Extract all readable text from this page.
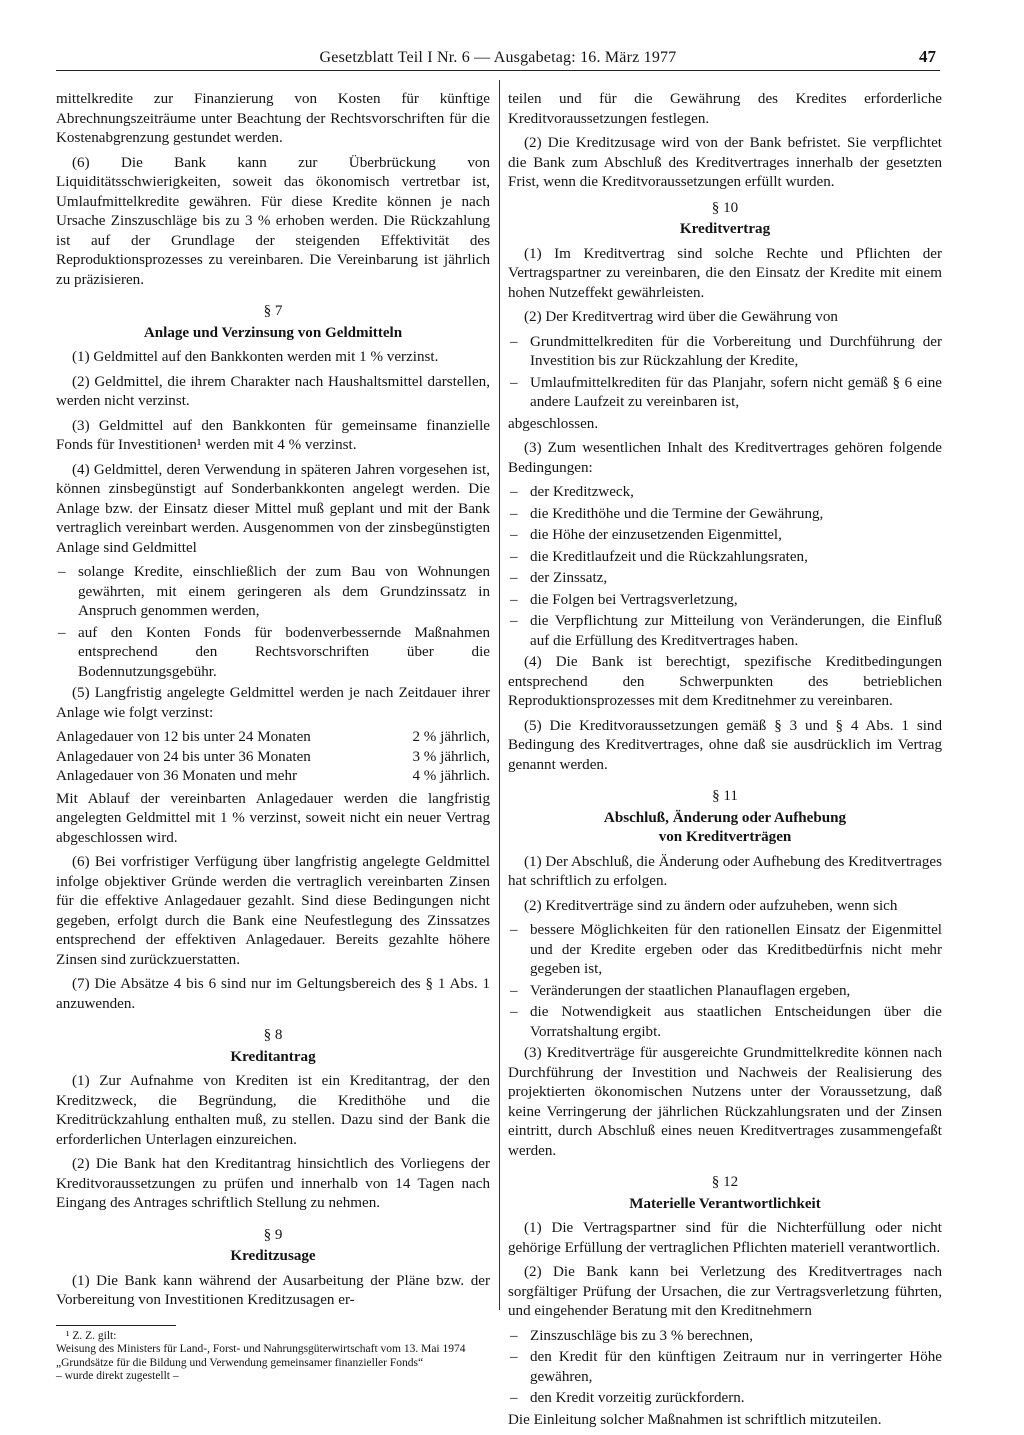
Gesetzblatt Teil I Nr. 6 — Ausgabetag: 16. März 1977	47

mittelkredite zur Finanzierung von Kosten für künftige Abrechnungszeiträume unter Beachtung der Rechtsvorschriften für die Kostenabgrenzung gestundet werden.

(6) Die Bank kann zur Überbrückung von Liquiditätsschwierigkeiten, soweit das ökonomisch vertretbar ist, Umlaufmittelkredite gewähren. Für diese Kredite können je nach Ursache Zinszuschläge bis zu 3 % erhoben werden. Die Rückzahlung ist auf der Grundlage der steigenden Effektivität des Reproduktionsprozesses zu vereinbaren. Die Vereinbarung ist jährlich zu präzisieren.

§ 7
Anlage und Verzinsung von Geldmitteln

(1) Geldmittel auf den Bankkonten werden mit 1 % verzinst.

(2) Geldmittel, die ihrem Charakter nach Haushaltsmittel darstellen, werden nicht verzinst.

(3) Geldmittel auf den Bankkonten für gemeinsame finanzielle Fonds für Investitionen¹ werden mit 4 % verzinst.

(4) Geldmittel, deren Verwendung in späteren Jahren vorgesehen ist, können zinsbegünstigt auf Sonderbankkonten angelegt werden. Die Anlage bzw. der Einsatz dieser Mittel muß geplant und mit der Bank vertraglich vereinbart werden. Ausgenommen von der zinsbegünstigten Anlage sind Geldmittel

– solange Kredite, einschließlich der zum Bau von Wohnungen gewährten, mit einem geringeren als dem Grundzinssatz in Anspruch genommen werden,
– auf den Konten Fonds für bodenverbessernde Maßnahmen entsprechend den Rechtsvorschriften über die Bodennutzungsgebühr.

(5) Langfristig angelegte Geldmittel werden je nach Zeitdauer ihrer Anlage wie folgt verzinst:

Anlagedauer von 12 bis unter 24 Monaten	2 % jährlich,
Anlagedauer von 24 bis unter 36 Monaten	3 % jährlich,
Anlagedauer von 36 Monaten und mehr	4 % jährlich.

Mit Ablauf der vereinbarten Anlagedauer werden die langfristig angelegten Geldmittel mit 1 % verzinst, soweit nicht ein neuer Vertrag abgeschlossen wird.

(6) Bei vorfristiger Verfügung über langfristig angelegte Geldmittel infolge objektiver Gründe werden die vertraglich vereinbarten Zinsen für die effektive Anlagedauer gezahlt. Sind diese Bedingungen nicht gegeben, erfolgt durch die Bank eine Neufestlegung des Zinssatzes entsprechend der effektiven Anlagedauer. Bereits gezahlte höhere Zinsen sind zurückzuerstatten.

(7) Die Absätze 4 bis 6 sind nur im Geltungsbereich des § 1 Abs. 1 anzuwenden.

§ 8
Kreditantrag

(1) Zur Aufnahme von Krediten ist ein Kreditantrag, der den Kreditzweck, die Begründung, die Kredithöhe und die Kreditrückzahlung enthalten muß, zu stellen. Dazu sind der Bank die erforderlichen Unterlagen einzureichen.

(2) Die Bank hat den Kreditantrag hinsichtlich des Vorliegens der Kreditvoraussetzungen zu prüfen und innerhalb von 14 Tagen nach Eingang des Antrages schriftlich Stellung zu nehmen.

§ 9
Kreditzusage

(1) Die Bank kann während der Ausarbeitung der Pläne bzw. der Vorbereitung von Investitionen Kreditzusagen er-

¹ Z. Z. gilt:
Weisung des Ministers für Land-, Forst- und Nahrungsgüterwirtschaft vom 13. Mai 1974
„Grundsätze für die Bildung und Verwendung gemeinsamer finanzieller Fonds“
– wurde direkt zugestellt –

teilen und für die Gewährung des Kredites erforderliche Kreditvoraussetzungen festlegen.

(2) Die Kreditzusage wird von der Bank befristet. Sie verpflichtet die Bank zum Abschluß des Kreditvertrages innerhalb der gesetzten Frist, wenn die Kreditvoraussetzungen erfüllt wurden.

§ 10
Kreditvertrag

(1) Im Kreditvertrag sind solche Rechte und Pflichten der Vertragspartner zu vereinbaren, die den Einsatz der Kredite mit einem hohen Nutzeffekt gewährleisten.

(2) Der Kreditvertrag wird über die Gewährung von

– Grundmittelkrediten für die Vorbereitung und Durchführung der Investition bis zur Rückzahlung der Kredite,
– Umlaufmittelkrediten für das Planjahr, sofern nicht gemäß § 6 eine andere Laufzeit zu vereinbaren ist,

abgeschlossen.

(3) Zum wesentlichen Inhalt des Kreditvertrages gehören folgende Bedingungen:

– der Kreditzweck,
– die Kredithöhe und die Termine der Gewährung,
– die Höhe der einzusetzenden Eigenmittel,
– die Kreditlaufzeit und die Rückzahlungsraten,
– der Zinssatz,
– die Folgen bei Vertragsverletzung,
– die Verpflichtung zur Mitteilung von Veränderungen, die Einfluß auf die Erfüllung des Kreditvertrages haben.

(4) Die Bank ist berechtigt, spezifische Kreditbedingungen entsprechend den Schwerpunkten des betrieblichen Reproduktionsprozesses mit dem Kreditnehmer zu vereinbaren.

(5) Die Kreditvoraussetzungen gemäß § 3 und § 4 Abs. 1 sind Bedingung des Kreditvertrages, ohne daß sie ausdrücklich im Vertrag genannt werden.

§ 11
Abschluß, Änderung oder Aufhebung
von Kreditverträgen

(1) Der Abschluß, die Änderung oder Aufhebung des Kreditvertrages hat schriftlich zu erfolgen.

(2) Kreditverträge sind zu ändern oder aufzuheben, wenn sich

– bessere Möglichkeiten für den rationellen Einsatz der Eigenmittel und der Kredite ergeben oder das Kreditbedürfnis nicht mehr gegeben ist,
– Veränderungen der staatlichen Planauflagen ergeben,
– die Notwendigkeit aus staatlichen Entscheidungen über die Vorratshaltung ergibt.

(3) Kreditverträge für ausgereichte Grundmittelkredite können nach Durchführung der Investition und Nachweis der Realisierung des projektierten ökonomischen Nutzens unter der Voraussetzung, daß keine Verringerung der jährlichen Rückzahlungsraten und der Zinsen eintritt, durch Abschluß eines neuen Kreditvertrages zusammengefaßt werden.

§ 12
Materielle Verantwortlichkeit

(1) Die Vertragspartner sind für die Nichterfüllung oder nicht gehörige Erfüllung der vertraglichen Pflichten materiell verantwortlich.

(2) Die Bank kann bei Verletzung des Kreditvertrages nach sorgfältiger Prüfung der Ursachen, die zur Vertragsverletzung führten, und eingehender Beratung mit den Kreditnehmern

– Zinszuschläge bis zu 3 % berechnen,
– den Kredit für den künftigen Zeitraum nur in verringerter Höhe gewähren,
– den Kredit vorzeitig zurückfordern.

Die Einleitung solcher Maßnahmen ist schriftlich mitzuteilen.
